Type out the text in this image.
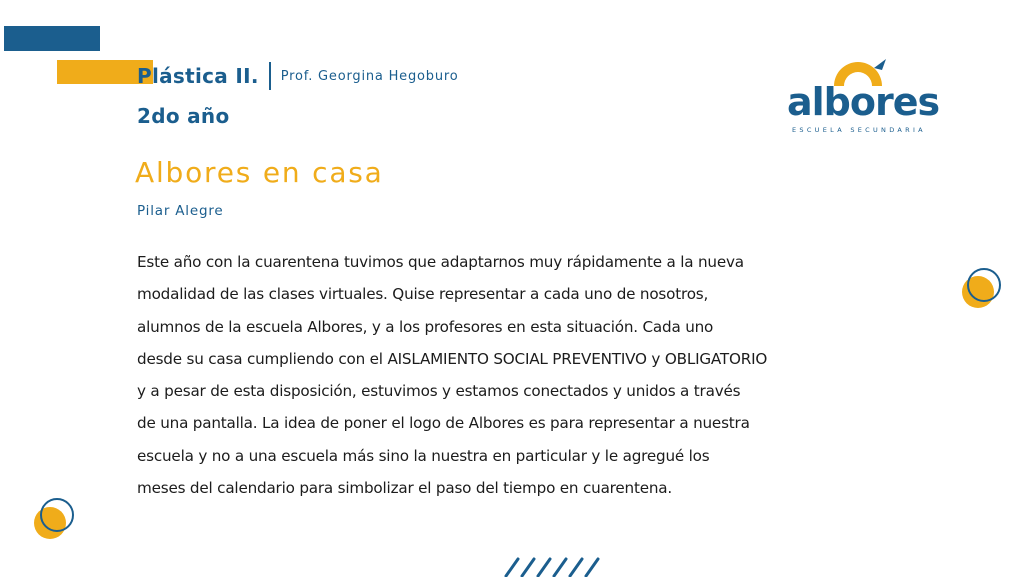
Plástica II. Prof. Georgina Hegoburo
2do año
Albores en casa
Pilar Alegre
Este año con la cuarentena tuvimos que adaptarnos muy rápidamente a la nueva
modalidad de las clases virtuales. Quise representar a cada uno de nosotros,
alumnos de la escuela Albores, y a los profesores en esta situación. Cada uno
desde su casa cumpliendo con el AISLAMIENTO SOCIAL PREVENTIVO y OBLIGATORIO
y a pesar de esta disposición, estuvimos y estamos conectados y unidos a través
de una pantalla. La idea de poner el logo de Albores es para representar a nuestra
escuela y no a una escuela más sino la nuestra en particular y le agregué los
meses del calendario para simbolizar el paso del tiempo en cuarentena.
albores
ESCUELA SECUNDARIA
